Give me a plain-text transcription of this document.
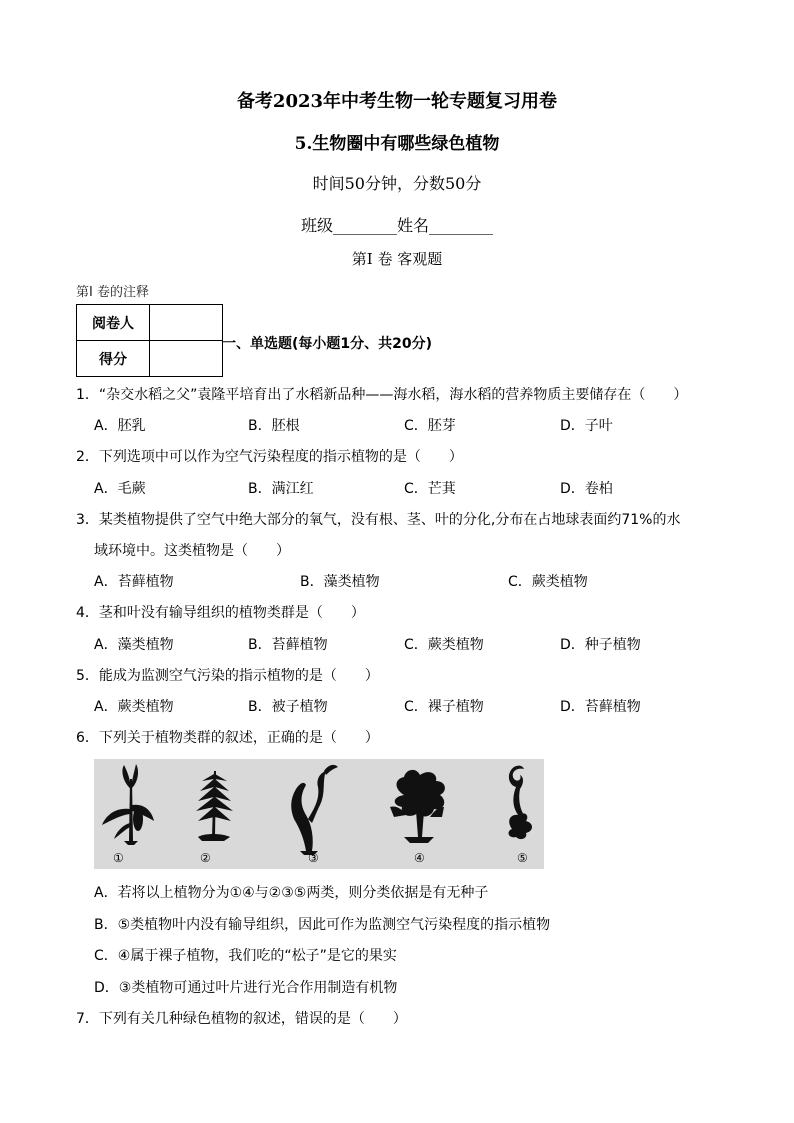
备考2023年中考生物一轮专题复习用卷
5.生物圈中有哪些绿色植物
时间50分钟，分数50分
班级________姓名________
第Ⅰ 卷 客观题
第Ⅰ 卷的注释
阅卷人	
得分	
一、单选题(每小题1分、共20分)
1．“杂交水稻之父”袁隆平培育出了水稻新品种——海水稻，海水稻的营养物质主要储存在（　　）
A．胚乳	B．胚根	C．胚芽	D．子叶
2．下列选项中可以作为空气污染程度的指示植物的是（　　）
A．毛蕨	B．满江红	C．芒萁	D．卷柏
3．某类植物提供了空气中绝大部分的氧气，没有根、茎、叶的分化,分布在占地球表面约71%的水
域环境中。这类植物是（　　）
A．苔藓植物	B．藻类植物	C．蕨类植物
4．茎和叶没有输导组织的植物类群是（　　）
A．藻类植物	B．苔藓植物	C．蕨类植物	D．种子植物
5．能成为监测空气污染的指示植物的是（　　）
A．蕨类植物	B．被子植物	C．裸子植物	D．苔藓植物
6．下列关于植物类群的叙述，正确的是（　　）
①	②	③	④	⑤
A．若将以上植物分为①④与②③⑤两类，则分类依据是有无种子
B．⑤类植物叶内没有输导组织，因此可作为监测空气污染程度的指示植物
C．④属于裸子植物，我们吃的“松子”是它的果实
D．③类植物可通过叶片进行光合作用制造有机物
7．下列有关几种绿色植物的叙述，错误的是（　　）
